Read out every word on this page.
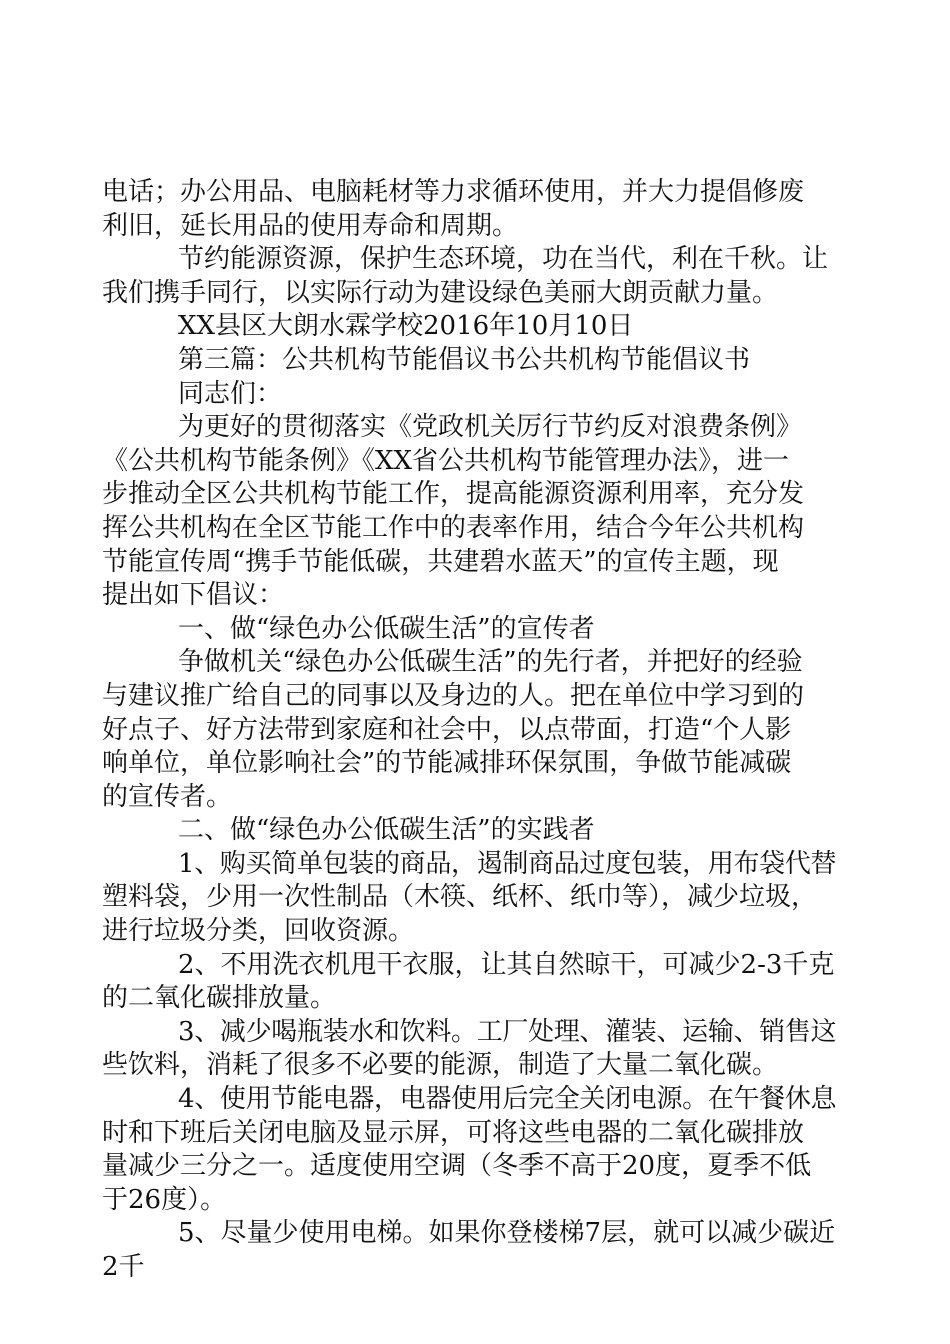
电话；办公用品、电脑耗材等力求循环使用，并大力提倡修废
利旧，延长用品的使用寿命和周期。
节约能源资源，保护生态环境，功在当代，利在千秋。让
我们携手同行，以实际行动为建设绿色美丽大朗贡献力量。
XX县区大朗水霖学校2016年10月10日
第三篇：公共机构节能倡议书公共机构节能倡议书
同志们：
为更好的贯彻落实《党政机关厉行节约反对浪费条例》
《公共机构节能条例》《XX省公共机构节能管理办法》，进一
步推动全区公共机构节能工作，提高能源资源利用率，充分发
挥公共机构在全区节能工作中的表率作用，结合今年公共机构
节能宣传周“携手节能低碳，共建碧水蓝天”的宣传主题，现
提出如下倡议：
一、做“绿色办公低碳生活”的宣传者
争做机关“绿色办公低碳生活”的先行者，并把好的经验
与建议推广给自己的同事以及身边的人。把在单位中学习到的
好点子、好方法带到家庭和社会中，以点带面，打造“个人影
响单位，单位影响社会”的节能减排环保氛围，争做节能减碳
的宣传者。
二、做“绿色办公低碳生活”的实践者
1、购买简单包装的商品，遏制商品过度包装，用布袋代替
塑料袋，少用一次性制品（木筷、纸杯、纸巾等），减少垃圾，
进行垃圾分类，回收资源。
2、不用洗衣机甩干衣服，让其自然晾干，可减少2-3千克
的二氧化碳排放量。
3、减少喝瓶装水和饮料。工厂处理、灌装、运输、销售这
些饮料，消耗了很多不必要的能源，制造了大量二氧化碳。
4、使用节能电器，电器使用后完全关闭电源。在午餐休息
时和下班后关闭电脑及显示屏，可将这些电器的二氧化碳排放
量减少三分之一。适度使用空调（冬季不高于20度，夏季不低
于26度）。
5、尽量少使用电梯。如果你登楼梯7层，就可以减少碳近
2千
